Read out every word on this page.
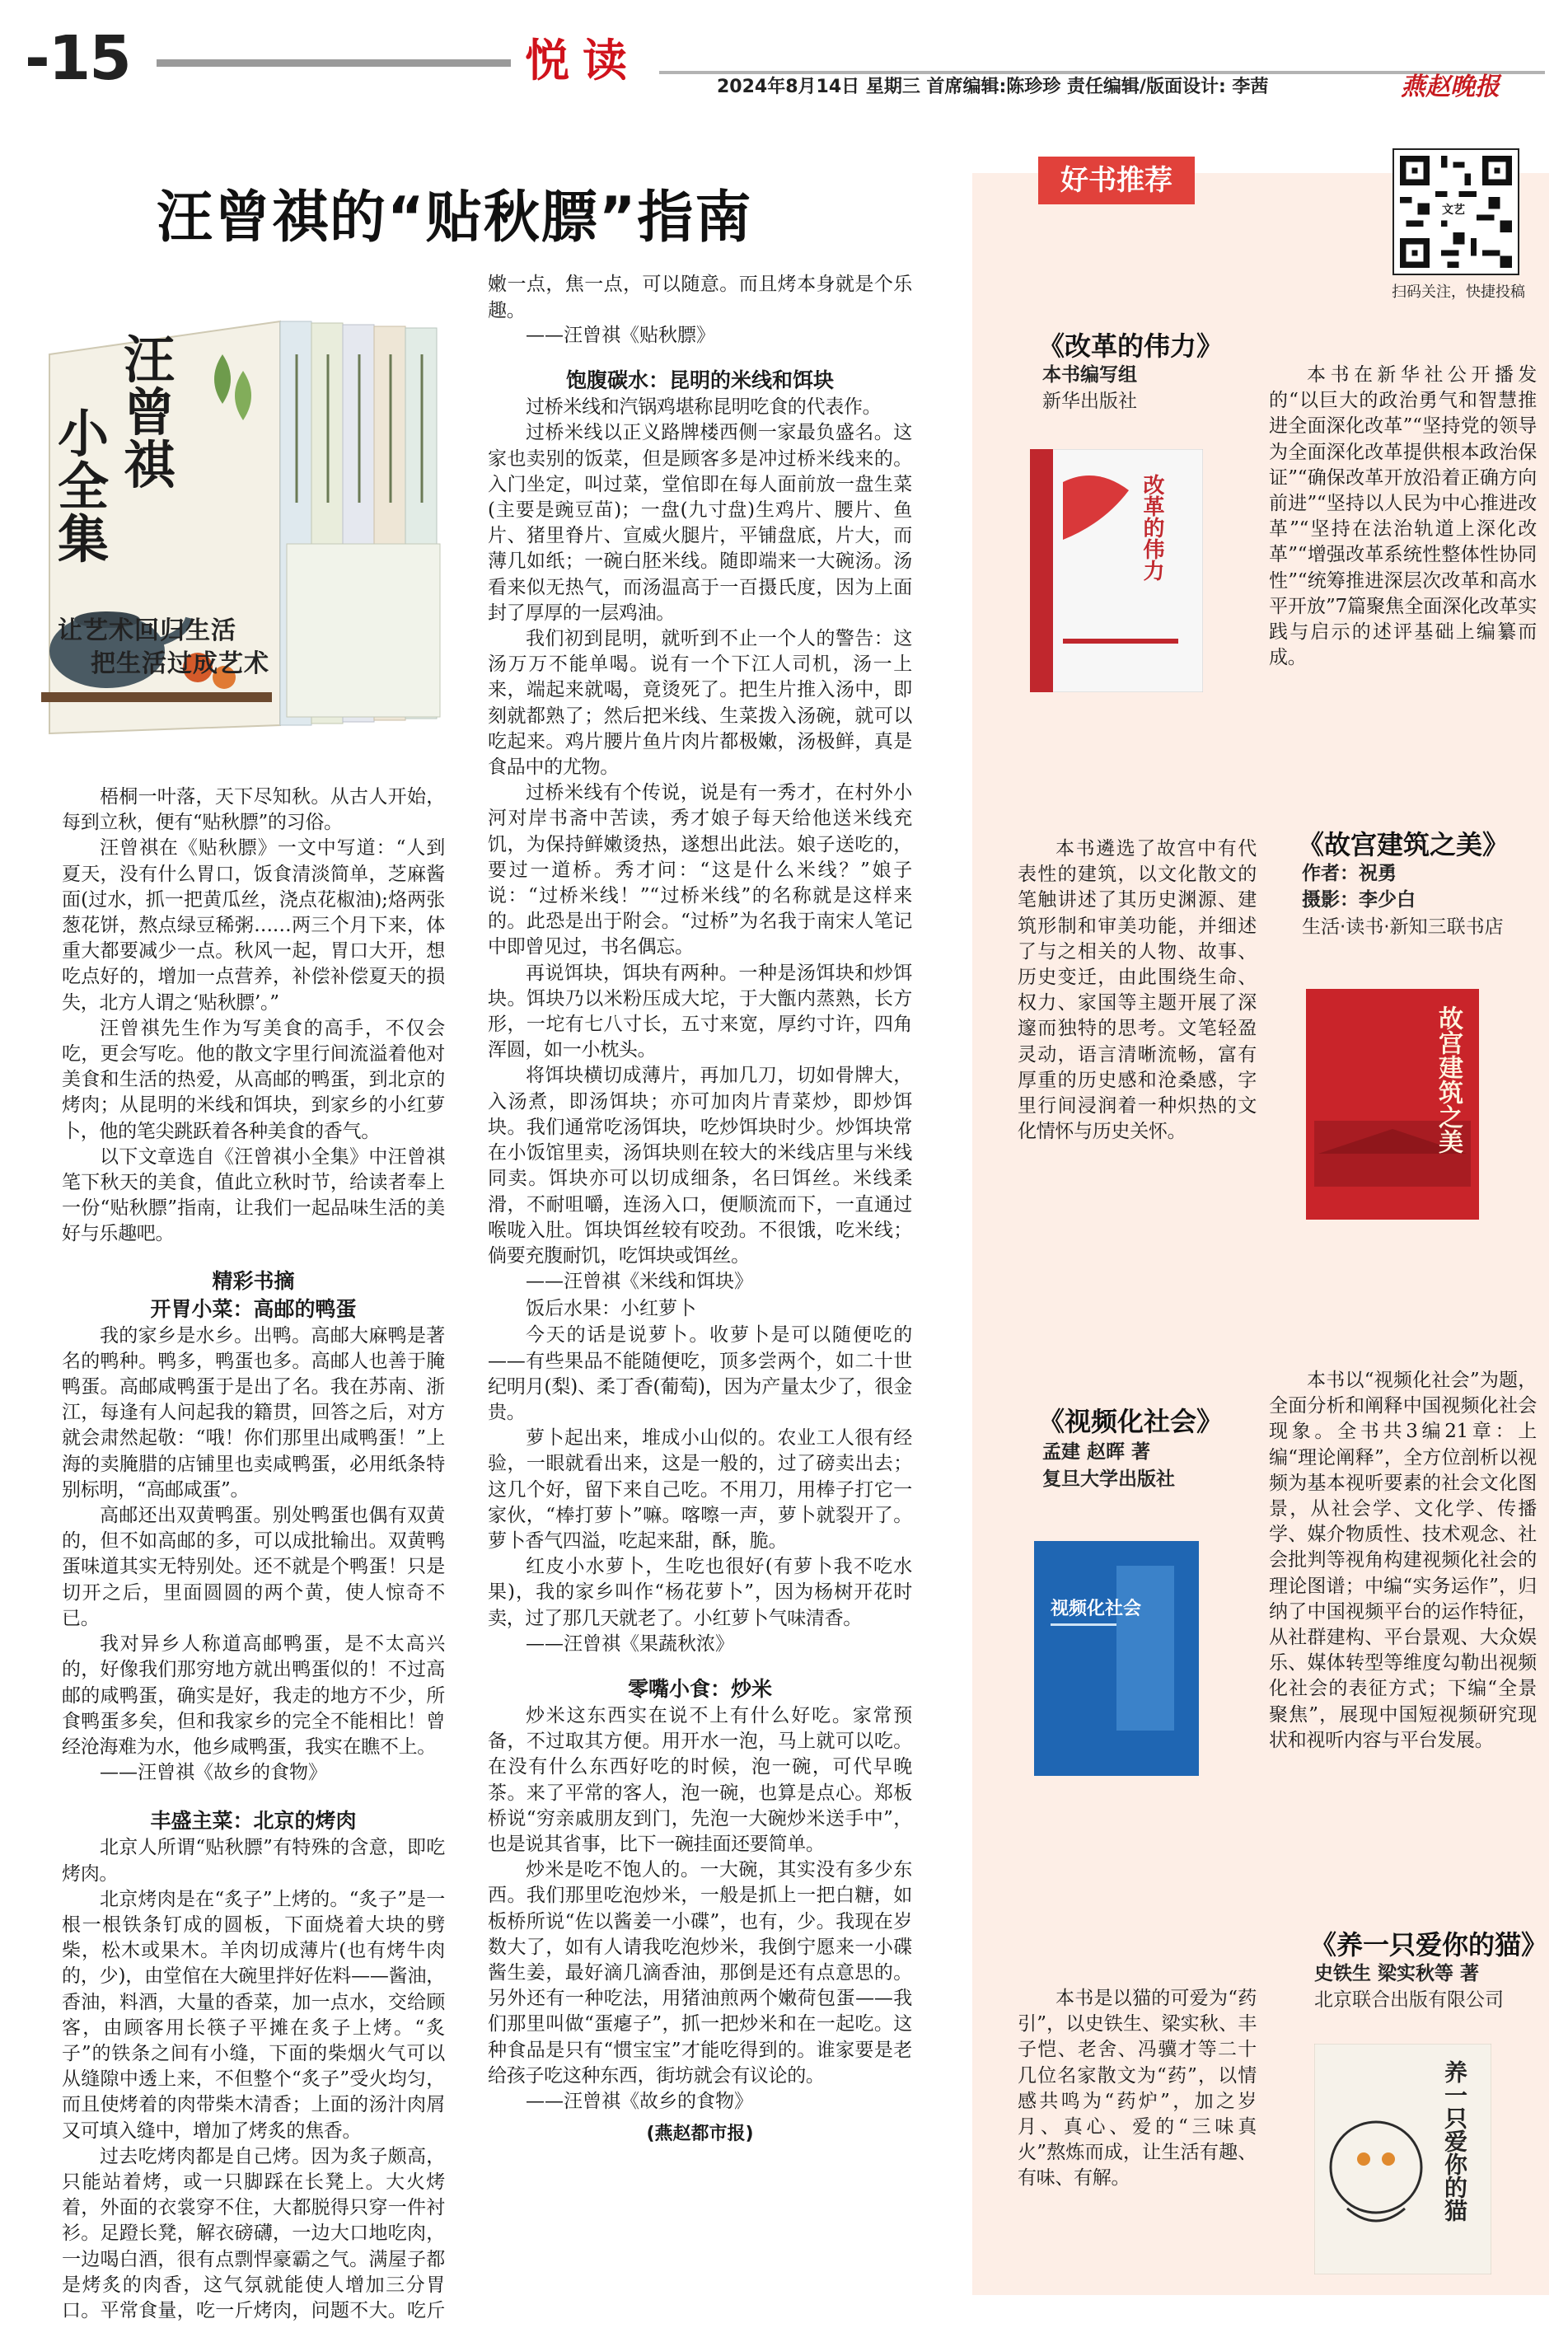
-15	悦 读
2024年8月14日 星期三 首席编辑:陈珍珍 责任编辑/版面设计: 李茜	燕赵晚报
汪曾祺的“贴秋膘”指南
汪
曾
祺
小
全
集
让艺术回归生活
把生活过成艺术

梧桐一叶落，天下尽知秋。从古人开始，每到立秋，便有“贴秋膘”的习俗。

汪曾祺在《贴秋膘》一文中写道：“人到夏天，没有什么胃口，饭食清淡简单，芝麻酱面(过水，抓一把黄瓜丝，浇点花椒油);烙两张葱花饼，熬点绿豆稀粥……两三个月下来，体重大都要减少一点。秋风一起，胃口大开，想吃点好的，增加一点营养，补偿补偿夏天的损失，北方人谓之‘贴秋膘’。”

汪曾祺先生作为写美食的高手，不仅会吃，更会写吃。他的散文字里行间流溢着他对美食和生活的热爱，从高邮的鸭蛋，到北京的烤肉；从昆明的米线和饵块，到家乡的小红萝卜，他的笔尖跳跃着各种美食的香气。

以下文章选自《汪曾祺小全集》中汪曾祺笔下秋天的美食，值此立秋时节，给读者奉上一份“贴秋膘”指南，让我们一起品味生活的美好与乐趣吧。

精彩书摘
开胃小菜：高邮的鸭蛋

我的家乡是水乡。出鸭。高邮大麻鸭是著名的鸭种。鸭多，鸭蛋也多。高邮人也善于腌鸭蛋。高邮咸鸭蛋于是出了名。我在苏南、浙江，每逢有人问起我的籍贯，回答之后，对方就会肃然起敬：“哦！你们那里出咸鸭蛋！”上海的卖腌腊的店铺里也卖咸鸭蛋，必用纸条特别标明，“高邮咸蛋”。

高邮还出双黄鸭蛋。别处鸭蛋也偶有双黄的，但不如高邮的多，可以成批输出。双黄鸭蛋味道其实无特别处。还不就是个鸭蛋！只是切开之后，里面圆圆的两个黄，使人惊奇不已。

我对异乡人称道高邮鸭蛋，是不太高兴的，好像我们那穷地方就出鸭蛋似的！不过高邮的咸鸭蛋，确实是好，我走的地方不少，所食鸭蛋多矣，但和我家乡的完全不能相比！曾经沧海难为水，他乡咸鸭蛋，我实在瞧不上。

——汪曾祺《故乡的食物》
丰盛主菜：北京的烤肉

北京人所谓“贴秋膘”有特殊的含意，即吃烤肉。

北京烤肉是在“炙子”上烤的。“炙子”是一根一根铁条钉成的圆板，下面烧着大块的劈柴，松木或果木。羊肉切成薄片(也有烤牛肉的，少)，由堂倌在大碗里拌好佐料——酱油，香油，料酒，大量的香菜，加一点水，交给顾客，由顾客用长筷子平摊在炙子上烤。“炙子”的铁条之间有小缝，下面的柴烟火气可以从缝隙中透上来，不但整个“炙子”受火均匀，而且使烤着的肉带柴木清香；上面的汤汁肉屑又可填入缝中，增加了烤炙的焦香。

过去吃烤肉都是自己烤。因为炙子颇高，只能站着烤，或一只脚踩在长凳上。大火烤着，外面的衣裳穿不住，大都脱得只穿一件衬衫。足蹬长凳，解衣磅礴，一边大口地吃肉，一边喝白酒，很有点剽悍豪霸之气。满屋子都是烤炙的肉香，这气氛就能使人增加三分胃口。平常食量，吃一斤烤肉，问题不大。吃斤

嫩一点，焦一点，可以随意。而且烤本身就是个乐趣。

——汪曾祺《贴秋膘》
饱腹碳水：昆明的米线和饵块

过桥米线和汽锅鸡堪称昆明吃食的代表作。

过桥米线以正义路牌楼西侧一家最负盛名。这家也卖别的饭菜，但是顾客多是冲过桥米线来的。入门坐定，叫过菜，堂倌即在每人面前放一盘生菜(主要是豌豆苗)；一盘(九寸盘)生鸡片、腰片、鱼片、猪里脊片、宣威火腿片，平铺盘底，片大，而薄几如纸；一碗白胚米线。随即端来一大碗汤。汤看来似无热气，而汤温高于一百摄氏度，因为上面封了厚厚的一层鸡油。

我们初到昆明，就听到不止一个人的警告：这汤万万不能单喝。说有一个下江人司机，汤一上来，端起来就喝，竟烫死了。把生片推入汤中，即刻就都熟了；然后把米线、生菜拨入汤碗，就可以吃起来。鸡片腰片鱼片肉片都极嫩，汤极鲜，真是食品中的尤物。

过桥米线有个传说，说是有一秀才，在村外小河对岸书斋中苦读，秀才娘子每天给他送米线充饥，为保持鲜嫩烫热，遂想出此法。娘子送吃的，要过一道桥。秀才问：“这是什么米线？”娘子说：“过桥米线！”“过桥米线”的名称就是这样来的。此恐是出于附会。“过桥”为名我于南宋人笔记中即曾见过，书名偶忘。

再说饵块，饵块有两种。一种是汤饵块和炒饵块。饵块乃以米粉压成大坨，于大甑内蒸熟，长方形，一坨有七八寸长，五寸来宽，厚约寸许，四角浑圆，如一小枕头。

将饵块横切成薄片，再加几刀，切如骨牌大，入汤煮，即汤饵块；亦可加肉片青菜炒，即炒饵块。我们通常吃汤饵块，吃炒饵块时少。炒饵块常在小饭馆里卖，汤饵块则在较大的米线店里与米线同卖。饵块亦可以切成细条，名曰饵丝。米线柔滑，不耐咀嚼，连汤入口，便顺流而下，一直通过喉咙入肚。饵块饵丝较有咬劲。不很饿，吃米线；倘要充腹耐饥，吃饵块或饵丝。

——汪曾祺《米线和饵块》
饭后水果：小红萝卜

今天的话是说萝卜。收萝卜是可以随便吃的——有些果品不能随便吃，顶多尝两个，如二十世纪明月(梨)、柔丁香(葡萄)，因为产量太少了，很金贵。

萝卜起出来，堆成小山似的。农业工人很有经验，一眼就看出来，这是一般的，过了磅卖出去；这几个好，留下来自己吃。不用刀，用棒子打它一家伙，“棒打萝卜”嘛。喀嚓一声，萝卜就裂开了。萝卜香气四溢，吃起来甜，酥，脆。

红皮小水萝卜，生吃也很好(有萝卜我不吃水果)，我的家乡叫作“杨花萝卜”，因为杨树开花时卖，过了那几天就老了。小红萝卜气味清香。

——汪曾祺《果蔬秋浓》
零嘴小食：炒米

炒米这东西实在说不上有什么好吃。家常预备，不过取其方便。用开水一泡，马上就可以吃。在没有什么东西好吃的时候，泡一碗，可代早晚茶。来了平常的客人，泡一碗，也算是点心。郑板桥说“穷亲戚朋友到门，先泡一大碗炒米送手中”，也是说其省事，比下一碗挂面还要简单。

炒米是吃不饱人的。一大碗，其实没有多少东西。我们那里吃泡炒米，一般是抓上一把白糖，如板桥所说“佐以酱姜一小碟”，也有，少。我现在岁数大了，如有人请我吃泡炒米，我倒宁愿来一小碟酱生姜，最好滴几滴香油，那倒是还有点意思的。另外还有一种吃法，用猪油煎两个嫩荷包蛋——我们那里叫做“蛋瘪子”，抓一把炒米和在一起吃。这种食品是只有“惯宝宝”才能吃得到的。谁家要是老给孩子吃这种东西，街坊就会有议论的。

——汪曾祺《故乡的食物》
(燕赵都市报)
好书推荐
文艺
扫码关注，快捷投稿
《改革的伟力》
本书编写组
新华出版社
改革的伟力

本书在新华社公开播发的“以巨大的政治勇气和智慧推进全面深化改革”“坚持党的领导为全面深化改革提供根本政治保证”“确保改革开放沿着正确方向前进”“坚持以人民为中心推进改革”“坚持在法治轨道上深化改革”“增强改革系统性整体性协同性”“统筹推进深层次改革和高水平开放”7篇聚焦全面深化改革实践与启示的述评基础上编纂而成。

《故宫建筑之美》
作者：祝勇
摄影：李少白
生活·读书·新知三联书店
故宫建筑之美

本书遴选了故宫中有代表性的建筑，以文化散文的笔触讲述了其历史渊源、建筑形制和审美功能，并细述了与之相关的人物、故事、历史变迁，由此围绕生命、权力、家国等主题开展了深邃而独特的思考。文笔轻盈灵动，语言清晰流畅，富有厚重的历史感和沧桑感，字里行间浸润着一种炽热的文化情怀与历史关怀。

《视频化社会》
孟建 赵晖 著
复旦大学出版社
视频化社会

本书以“视频化社会”为题，全面分析和阐释中国视频化社会现象。全书共3编21章：上编“理论阐释”，全方位剖析以视频为基本视听要素的社会文化图景，从社会学、文化学、传播学、媒介物质性、技术观念、社会批判等视角构建视频化社会的理论图谱；中编“实务运作”，归纳了中国视频平台的运作特征，从社群建构、平台景观、大众娱乐、媒体转型等维度勾勒出视频化社会的表征方式；下编“全景聚焦”，展现中国短视频研究现状和视听内容与平台发展。

《养一只爱你的猫》
史铁生 梁实秋等 著
北京联合出版有限公司
养一只爱你的猫

本书是以猫的可爱为“药引”，以史铁生、梁实秋、丰子恺、老舍、冯骥才等二十几位名家散文为“药”，以情感共鸣为“药炉”，加之岁月、真心、爱的“三味真火”熬炼而成，让生活有趣、有味、有解。
